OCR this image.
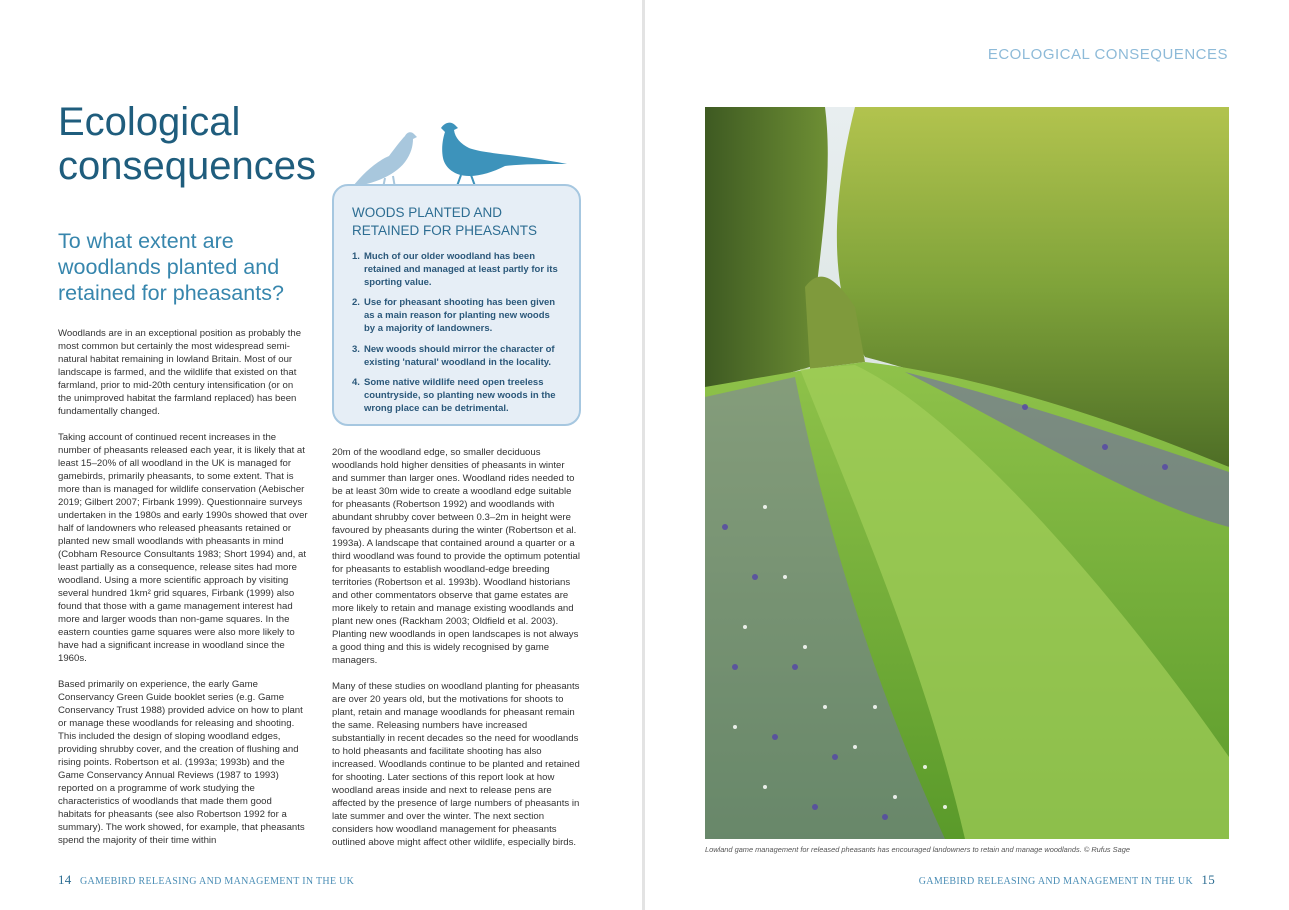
Ecological
consequences
To what extent are woodlands planted and retained for pheasants?

Woodlands are in an exceptional position as probably the most common but certainly the most widespread semi-natural habitat remaining in lowland Britain. Most of our landscape is farmed, and the wildlife that existed on that farmland, prior to mid-20th century intensification (or on the unimproved habitat the farmland replaced) has been fundamentally changed.

Taking account of continued recent increases in the number of pheasants released each year, it is likely that at least 15–20% of all woodland in the UK is managed for gamebirds, primarily pheasants, to some extent. That is more than is managed for wildlife conservation (Aebischer 2019; Gilbert 2007; Firbank 1999). Questionnaire surveys undertaken in the 1980s and early 1990s showed that over half of landowners who released pheasants retained or planted new small woodlands with pheasants in mind (Cobham Resource Consultants 1983; Short 1994) and, at least partially as a consequence, release sites had more woodland. Using a more scientific approach by visiting several hundred 1km² grid squares, Firbank (1999) also found that those with a game management interest had more and larger woods than non-game squares. In the eastern counties game squares were also more likely to have had a significant increase in woodland since the 1960s.

Based primarily on experience, the early Game Conservancy Green Guide booklet series (e.g. Game Conservancy Trust 1988) provided advice on how to plant or manage these woodlands for releasing and shooting. This included the design of sloping woodland edges, providing shrubby cover, and the creation of flushing and rising points. Robertson et al. (1993a; 1993b) and the Game Conservancy Annual Reviews (1987 to 1993) reported on a programme of work studying the characteristics of woodlands that made them good habitats for pheasants (see also Robertson 1992 for a summary). The work showed, for example, that pheasants spend the majority of their time within

WOODS PLANTED AND RETAINED FOR PHEASANTS
1. Much of our older woodland has been retained and managed at least partly for its sporting value.
2. Use for pheasant shooting has been given as a main reason for planting new woods by a majority of landowners.
3. New woods should mirror the character of existing 'natural' woodland in the locality.
4. Some native wildlife need open treeless countryside, so planting new woods in the wrong place can be detrimental.

20m of the woodland edge, so smaller deciduous woodlands hold higher densities of pheasants in winter and summer than larger ones. Woodland rides needed to be at least 30m wide to create a woodland edge suitable for pheasants (Robertson 1992) and woodlands with abundant shrubby cover between 0.3–2m in height were favoured by pheasants during the winter (Robertson et al. 1993a). A landscape that contained around a quarter or a third woodland was found to provide the optimum potential for pheasants to establish woodland-edge breeding territories (Robertson et al. 1993b). Woodland historians and other commentators observe that game estates are more likely to retain and manage existing woodlands and plant new ones (Rackham 2003; Oldfield et al. 2003). Planting new woodlands in open landscapes is not always a good thing and this is widely recognised by game managers.

Many of these studies on woodland planting for pheasants are over 20 years old, but the motivations for shoots to plant, retain and manage woodlands for pheasant remain the same. Releasing numbers have increased substantially in recent decades so the need for woodlands to hold pheasants and facilitate shooting has also increased. Woodlands continue to be planted and retained for shooting. Later sections of this report look at how woodland areas inside and next to release pens are affected by the presence of large numbers of pheasants in late summer and over the winter. The next section considers how woodland management for pheasants outlined above might affect other wildlife, especially birds.

14 GAMEBIRD RELEASING AND MANAGEMENT IN THE UK
ECOLOGICAL CONSEQUENCES
Lowland game management for released pheasants has encouraged landowners to retain and manage woodlands. © Rufus Sage
GAMEBIRD RELEASING AND MANAGEMENT IN THE UK 15
